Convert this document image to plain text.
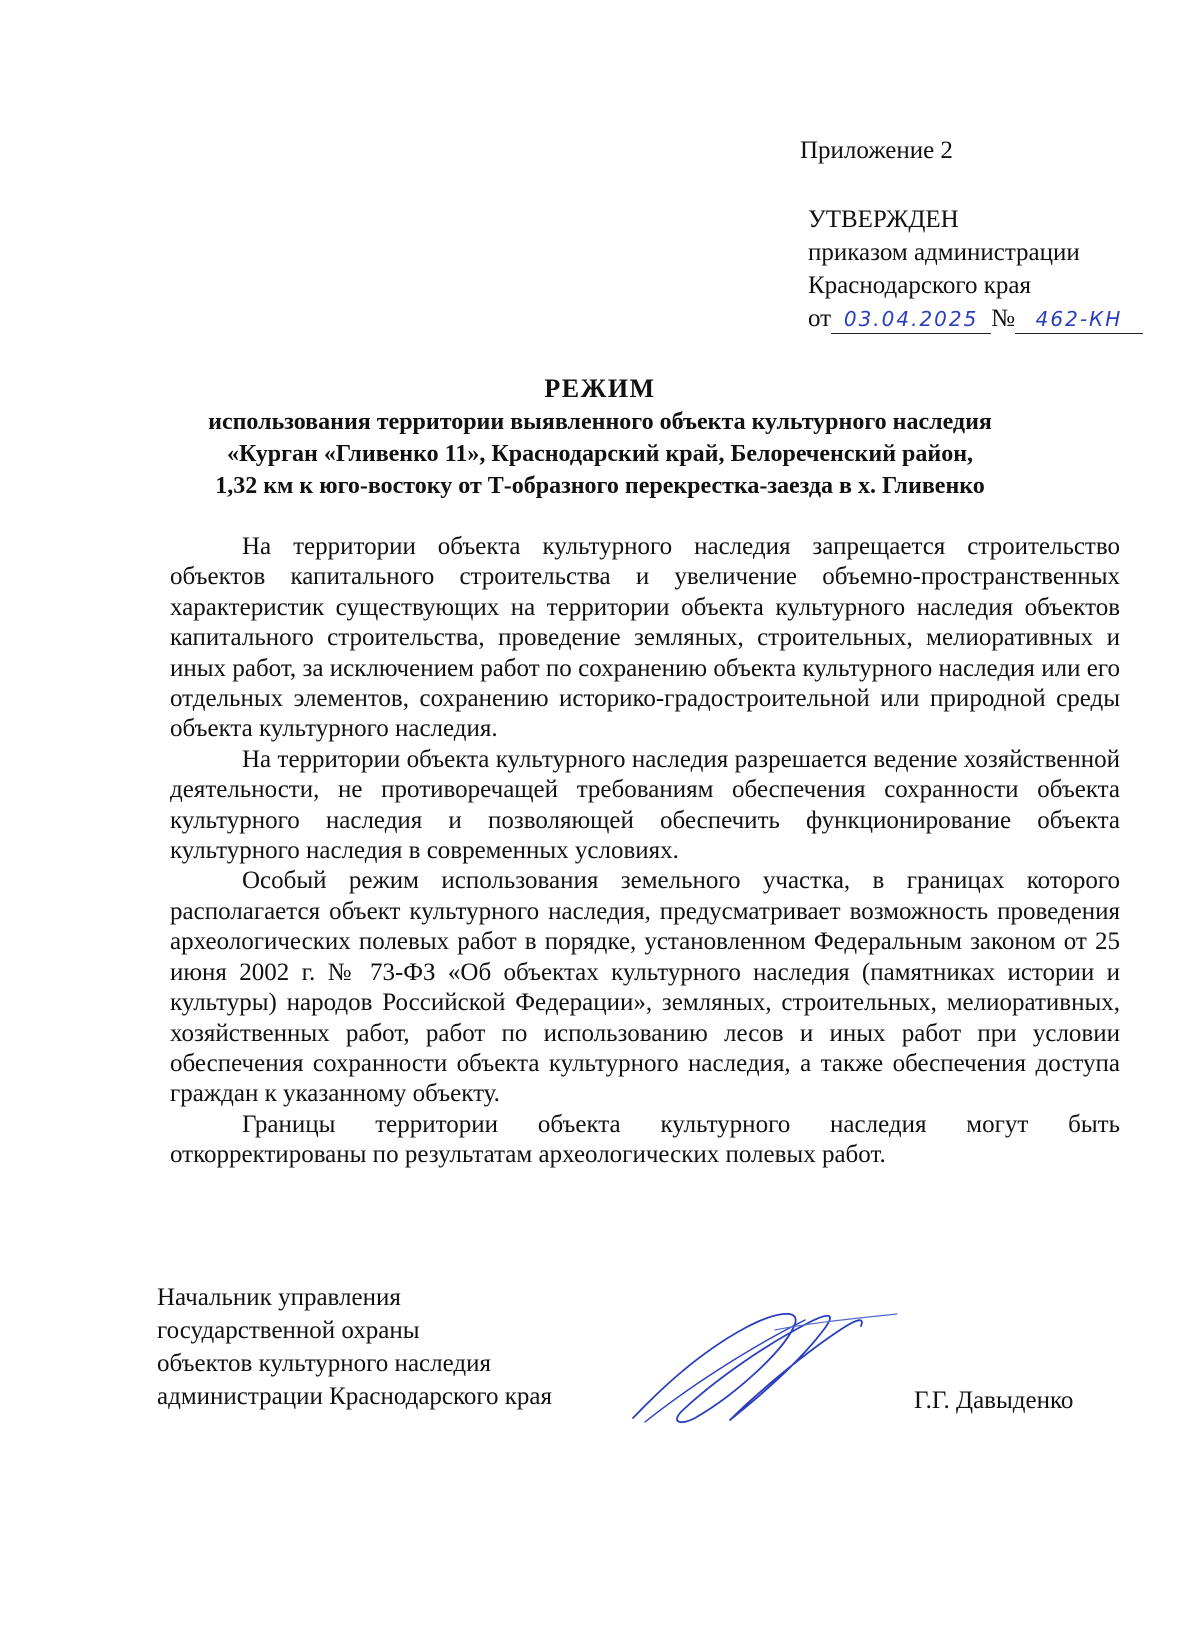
Приложение 2
УТВЕРЖДЕН
приказом администрации
Краснодарского края
от 03.04.2025 № 462-КН
РЕЖИМ
использования территории выявленного объекта культурного наследия
«Курган «Гливенко 11», Краснодарский край, Белореченский район,
1,32 км к юго-востоку от Т-образного перекрестка-заезда в х. Гливенко

На территории объекта культурного наследия запрещается строительство объектов капитального строительства и увеличение объемно-пространственных характеристик существующих на территории объекта культурного наследия объектов капитального строительства, проведение земляных, строительных, мелиоративных и иных работ, за исключением работ по сохранению объекта культурного наследия или его отдельных элементов, сохранению историко-градостроительной или природной среды объекта культурного наследия.

На территории объекта культурного наследия разрешается ведение хозяйственной деятельности, не противоречащей требованиям обеспечения сохранности объекта культурного наследия и позволяющей обеспечить функционирование объекта культурного наследия в современных условиях.

Особый режим использования земельного участка, в границах которого располагается объект культурного наследия, предусматривает возможность проведения археологических полевых работ в порядке, установленном Федеральным законом от 25 июня 2002 г. № 73-ФЗ «Об объектах культурного наследия (памятниках истории и культуры) народов Российской Федерации», земляных, строительных, мелиоративных, хозяйственных работ, работ по использованию лесов и иных работ при условии обеспечения сохранности объекта культурного наследия, а также обеспечения доступа граждан к указанному объекту.

Границы территории объекта культурного наследия могут быть откорректированы по результатам археологических полевых работ.

Начальник управления
государственной охраны
объектов культурного наследия
администрации Краснодарского края	Г.Г. Давыденко
